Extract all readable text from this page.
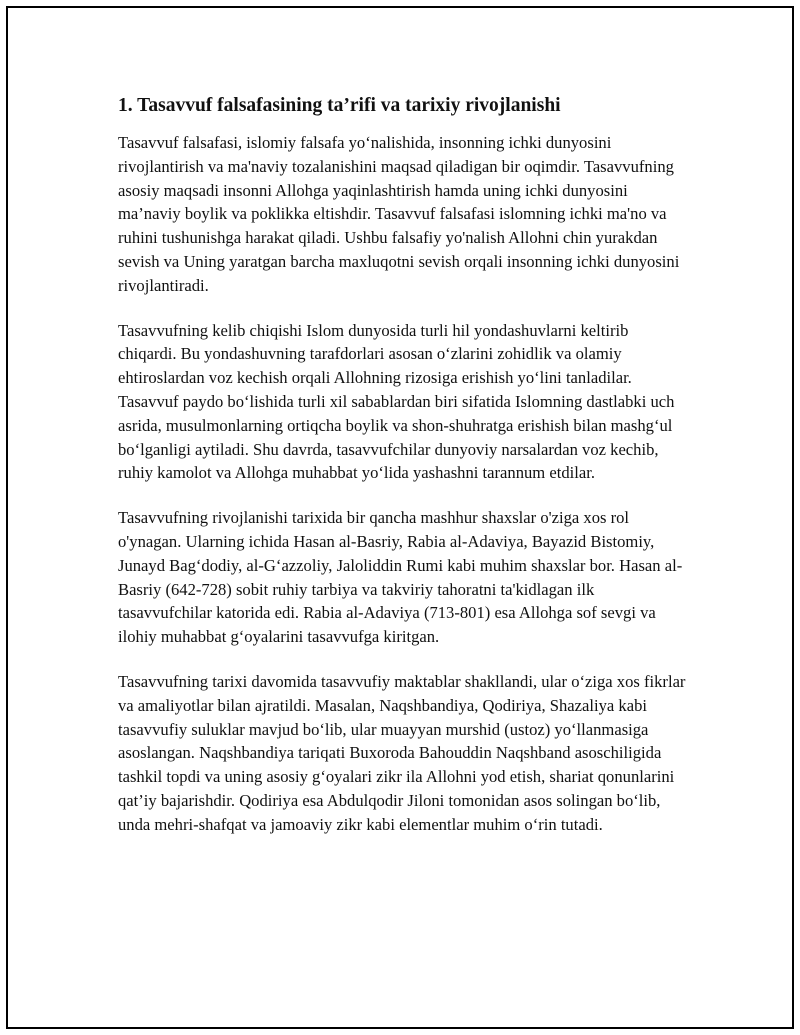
1. Tasavvuf falsafasining ta’rifi va tarixiy rivojlanishi

Tasavvuf falsafasi, islomiy falsafa yo‘nalishida, insonning ichki dunyosini rivojlantirish va ma'naviy tozalanishini maqsad qiladigan bir oqimdir. Tasavvufning asosiy maqsadi insonni Allohga yaqinlashtirish hamda uning ichki dunyosini ma’naviy boylik va poklikka eltishdir. Tasavvuf falsafasi islomning ichki ma'no va ruhini tushunishga harakat qiladi. Ushbu falsafiy yo'nalish Allohni chin yurakdan sevish va Uning yaratgan barcha maxluqotni sevish orqali insonning ichki dunyosini rivojlantiradi.

Tasavvufning kelib chiqishi Islom dunyosida turli hil yondashuvlarni keltirib chiqardi. Bu yondashuvning tarafdorlari asosan o‘zlarini zohidlik va olamiy ehtiroslardan voz kechish orqali Allohning rizosiga erishish yo‘lini tanladilar. Tasavvuf paydo bo‘lishida turli xil sabablardan biri sifatida Islomning dastlabki uch asrida, musulmonlarning ortiqcha boylik va shon-shuhratga erishish bilan mashg‘ul bo‘lganligi aytiladi. Shu davrda, tasavvufchilar dunyoviy narsalardan voz kechib, ruhiy kamolot va Allohga muhabbat yo‘lida yashashni tarannum etdilar.

Tasavvufning rivojlanishi tarixida bir qancha mashhur shaxslar o'ziga xos rol o'ynagan. Ularning ichida Hasan al-Basriy, Rabia al-Adaviya, Bayazid Bistomiy, Junayd Bag‘dodiy, al-G‘azzoliy, Jaloliddin Rumi kabi muhim shaxslar bor. Hasan al-Basriy (642-728) sobit ruhiy tarbiya va takviriy tahoratni ta'kidlagan ilk tasavvufchilar katorida edi. Rabia al-Adaviya (713-801) esa Allohga sof sevgi va ilohiy muhabbat g‘oyalarini tasavvufga kiritgan.

Tasavvufning tarixi davomida tasavvufiy maktablar shakllandi, ular o‘ziga xos fikrlar va amaliyotlar bilan ajratildi. Masalan, Naqshbandiya, Qodiriya, Shazaliya kabi tasavvufiy suluklar mavjud bo‘lib, ular muayyan murshid (ustoz) yo‘llanmasiga asoslangan. Naqshbandiya tariqati Buxoroda Bahouddin Naqshband asoschiligida tashkil topdi va uning asosiy g‘oyalari zikr ila Allohni yod etish, shariat qonunlarini qat’iy bajarishdir. Qodiriya esa Abdulqodir Jiloni tomonidan asos solingan bo‘lib, unda mehri-shafqat va jamoaviy zikr kabi elementlar muhim o‘rin tutadi.
